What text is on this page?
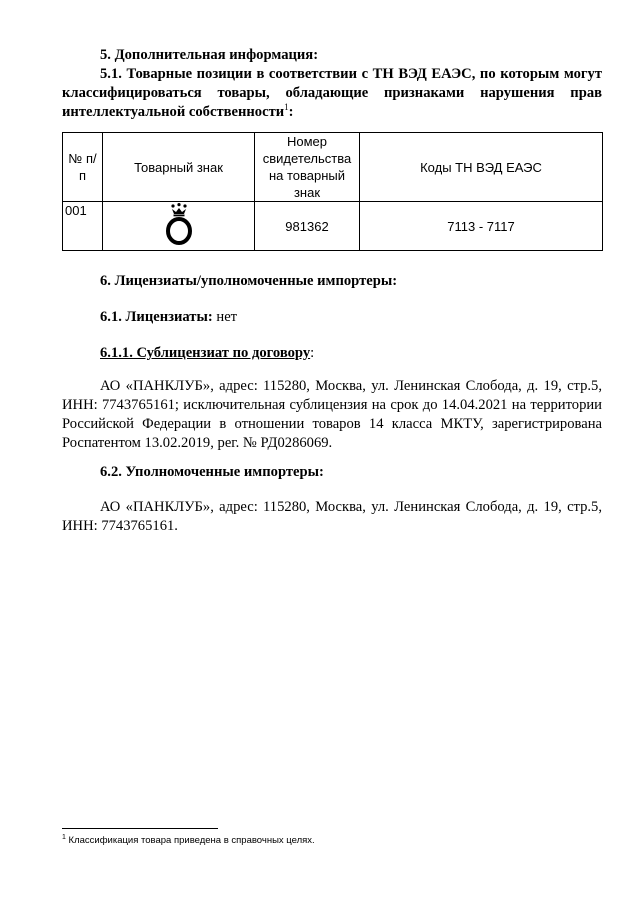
5. Дополнительная информация:
5.1. Товарные позиции в соответствии с ТН ВЭД ЕАЭС, по которым могут классифицироваться товары, обладающие признаками нарушения прав интеллектуальной собственности$^1$:
№ п/п	Товарный знак	Номер свидетельства на товарный знак	Коды ТН ВЭД ЕАЭС
001		981362	7113 - 7117
6. Лицензиаты/уполномоченные импортеры:
6.1. Лицензиаты: нет
6.1.1. Сублицензиат по договору:
АО «ПАНКЛУБ», адрес: 115280, Москва, ул. Ленинская Слобода, д. 19, стр.5, ИНН: 7743765161; исключительная сублицензия на срок до 14.04.2021 на территории Российской Федерации в отношении товаров 14 класса МКТУ, зарегистрирована Роспатентом 13.02.2019, рег. № РД0286069.
6.2. Уполномоченные импортеры:
АО «ПАНКЛУБ», адрес: 115280, Москва, ул. Ленинская Слобода, д. 19, стр.5, ИНН: 7743765161.
$^1$ Классификация товара приведена в справочных целях.
